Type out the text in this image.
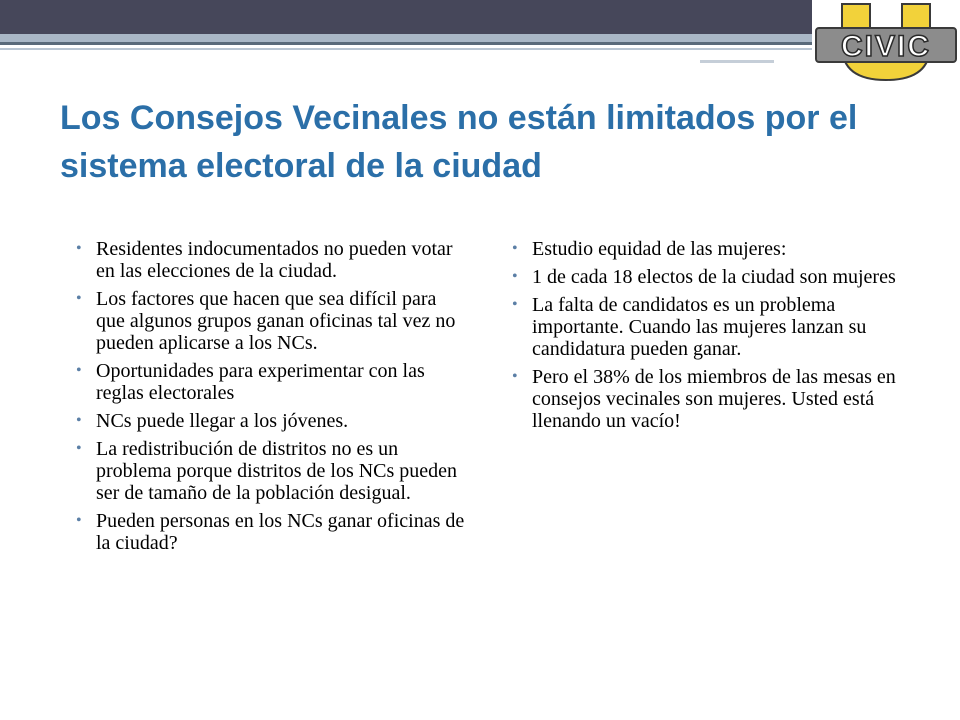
CIVIC
Los Consejos Vecinales no están limitados por el sistema electoral de la ciudad
• Residentes indocumentados no pueden votar en las elecciones de la ciudad.
• Los factores que hacen que sea difícil para que algunos grupos ganan oficinas tal vez no pueden aplicarse a los NCs.
• Oportunidades para experimentar con las reglas electorales
• NCs puede llegar a los jóvenes.
• La redistribución de distritos no es un problema porque distritos de los NCs pueden ser de tamaño de la población desigual.
• Pueden personas en los NCs ganar oficinas de la ciudad?
• Estudio equidad de las mujeres:
• 1 de cada 18 electos de la ciudad son mujeres
• La falta de candidatos es un problema importante. Cuando las mujeres lanzan su candidatura pueden ganar.
• Pero el 38% de los miembros de las mesas en consejos vecinales son mujeres. Usted está llenando un vacío!
